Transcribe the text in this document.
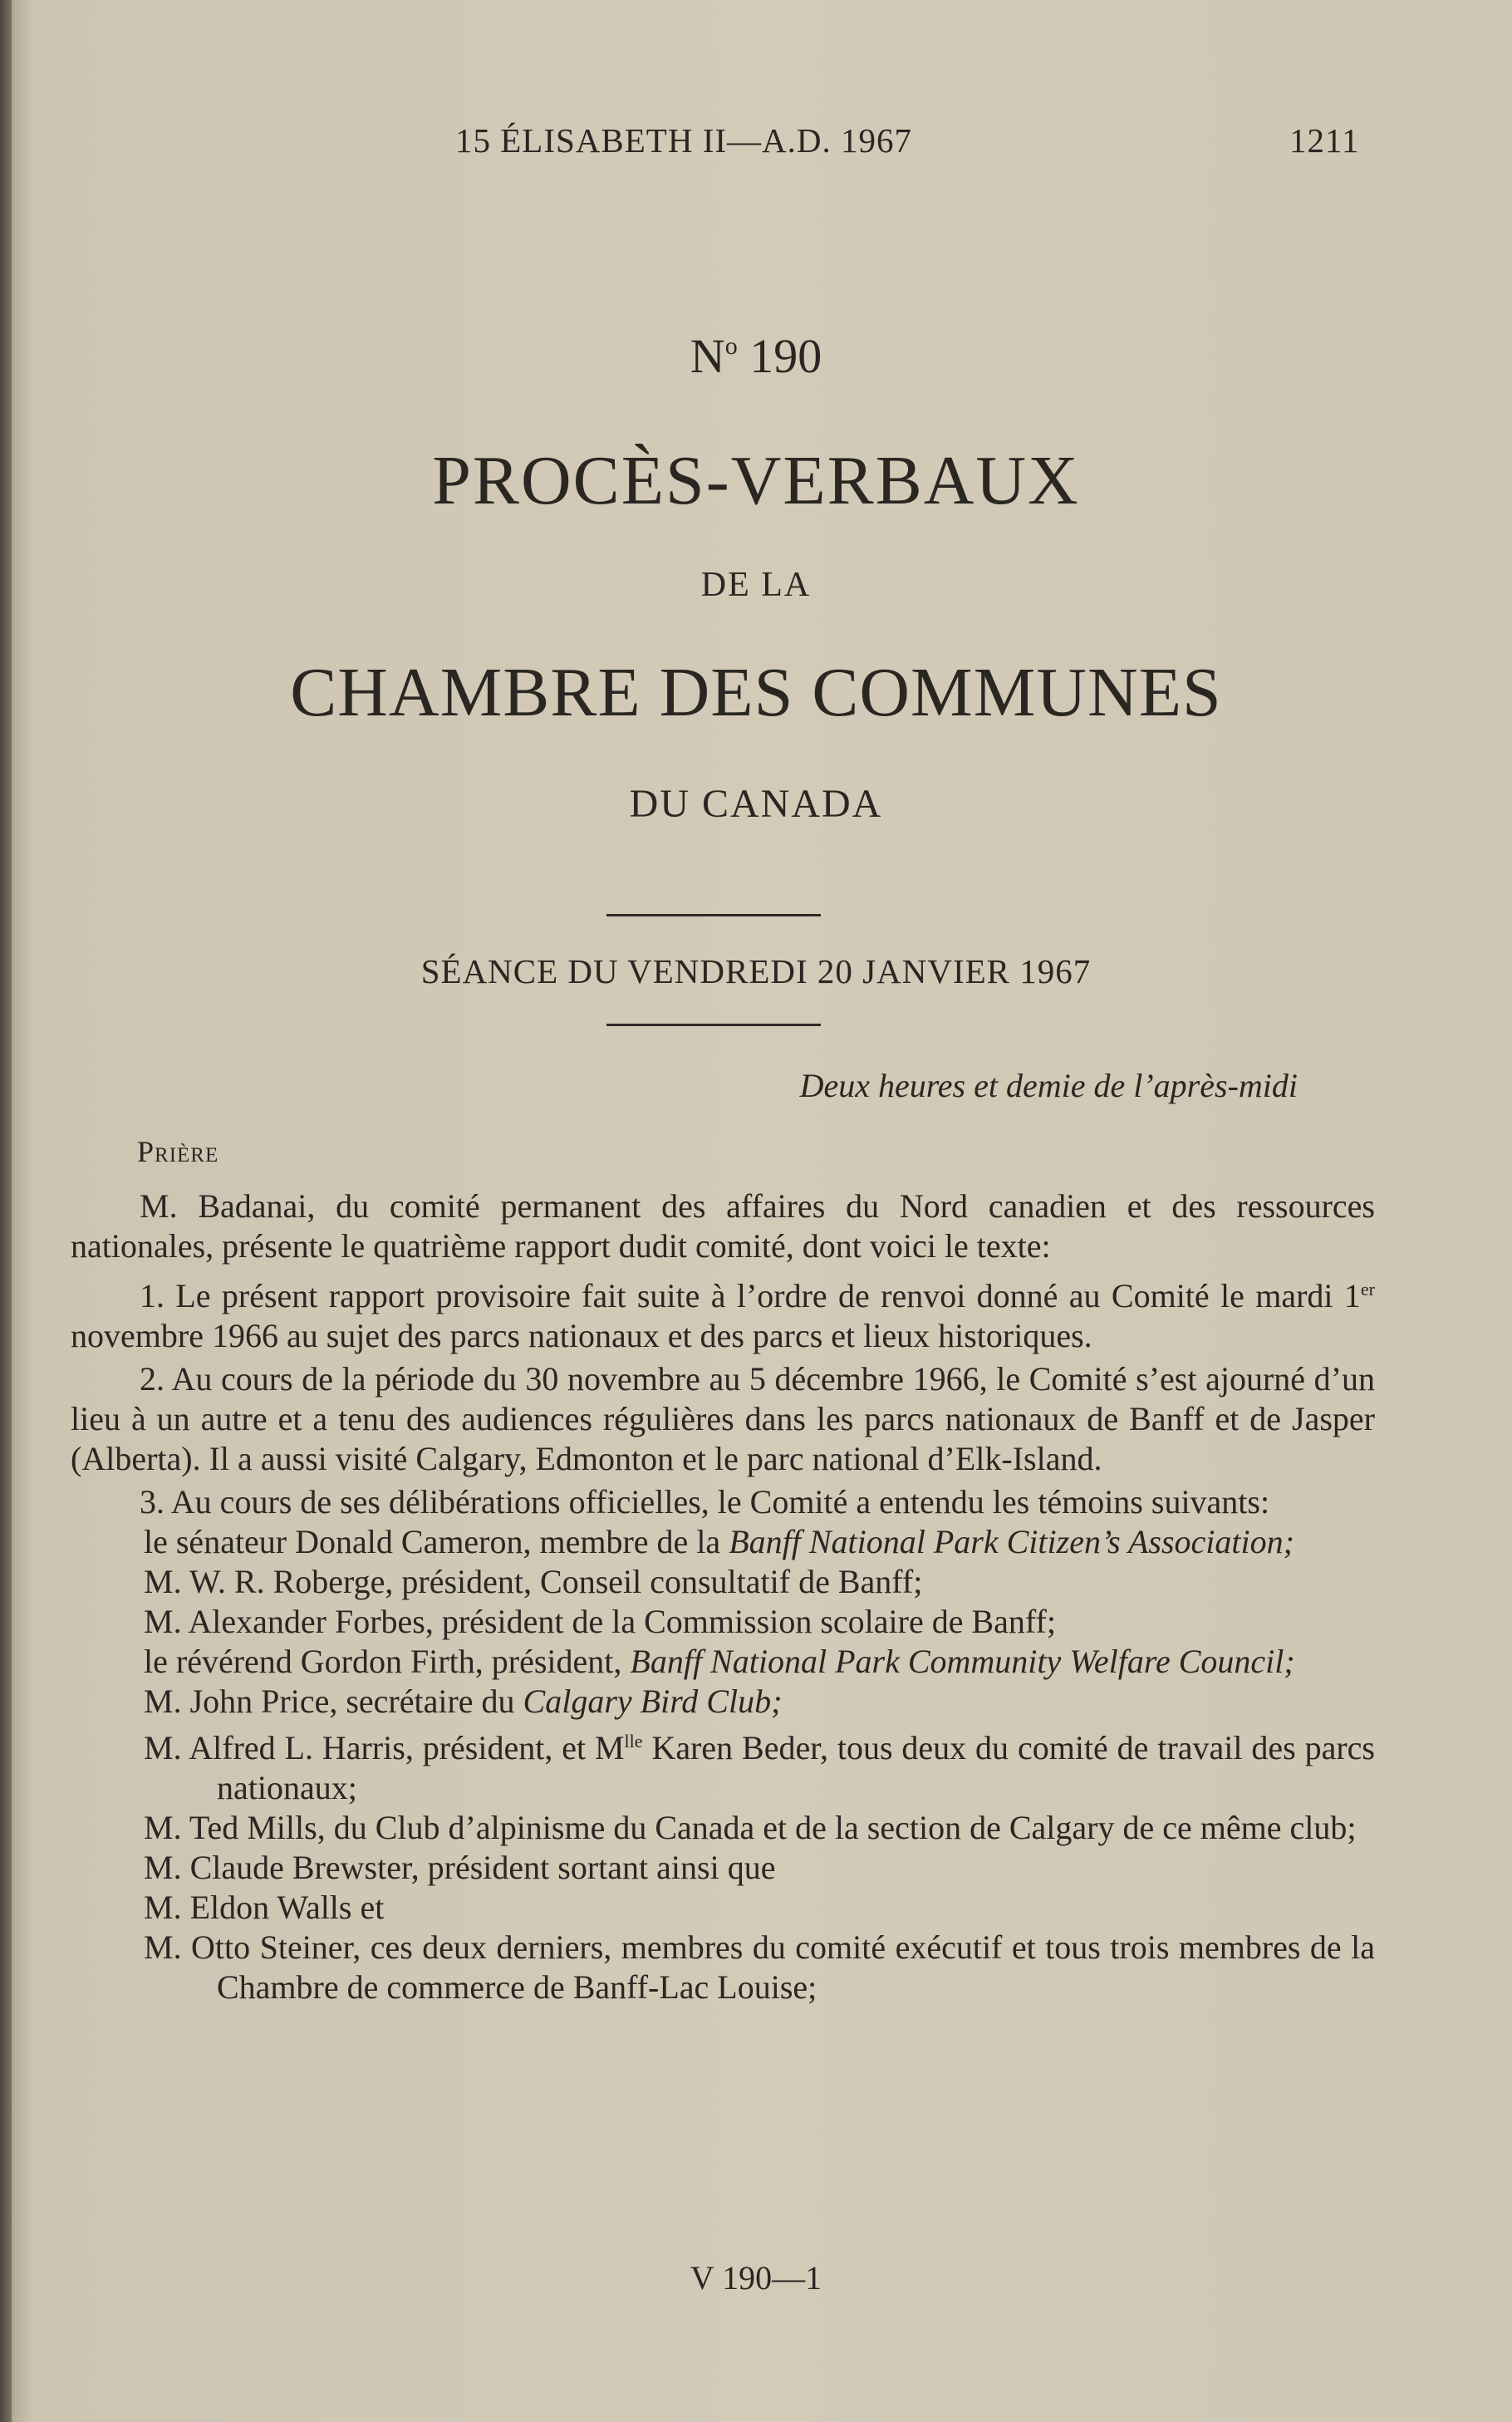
15 ÉLISABETH II—A.D. 1967	1211
$N^o$ 190
PROCÈS-VERBAUX
DE LA
CHAMBRE DES COMMUNES
DU CANADA
SÉANCE DU VENDREDI 20 JANVIER 1967
Deux heures et demie de l’après-midi
Prière

M. Badanai, du comité permanent des affaires du Nord canadien et des ressources nationales, présente le quatrième rapport dudit comité, dont voici le texte:

1. Le présent rapport provisoire fait suite à l’ordre de renvoi donné au Comité le mardi 1er novembre 1966 au sujet des parcs nationaux et des parcs et lieux historiques.

2. Au cours de la période du 30 novembre au 5 décembre 1966, le Comité s’est ajourné d’un lieu à un autre et a tenu des audiences régulières dans les parcs nationaux de Banff et de Jasper (Alberta). Il a aussi visité Calgary, Edmonton et le parc national d’Elk-Island.

3. Au cours de ses délibérations officielles, le Comité a entendu les témoins suivants:

le sénateur Donald Cameron, membre de la Banff National Park Citizen’s Association;
M. W. R. Roberge, président, Conseil consultatif de Banff;
M. Alexander Forbes, président de la Commission scolaire de Banff;
le révérend Gordon Firth, président, Banff National Park Community Welfare Council;
M. John Price, secrétaire du Calgary Bird Club;
M. Alfred L. Harris, président, et $M^{lle}$ Karen Beder, tous deux du comité de travail des parcs nationaux;
M. Ted Mills, du Club d’alpinisme du Canada et de la section de Calgary de ce même club;
M. Claude Brewster, président sortant ainsi que
M. Eldon Walls et
M. Otto Steiner, ces deux derniers, membres du comité exécutif et tous trois membres de la Chambre de commerce de Banff-Lac Louise;
V 190—1
